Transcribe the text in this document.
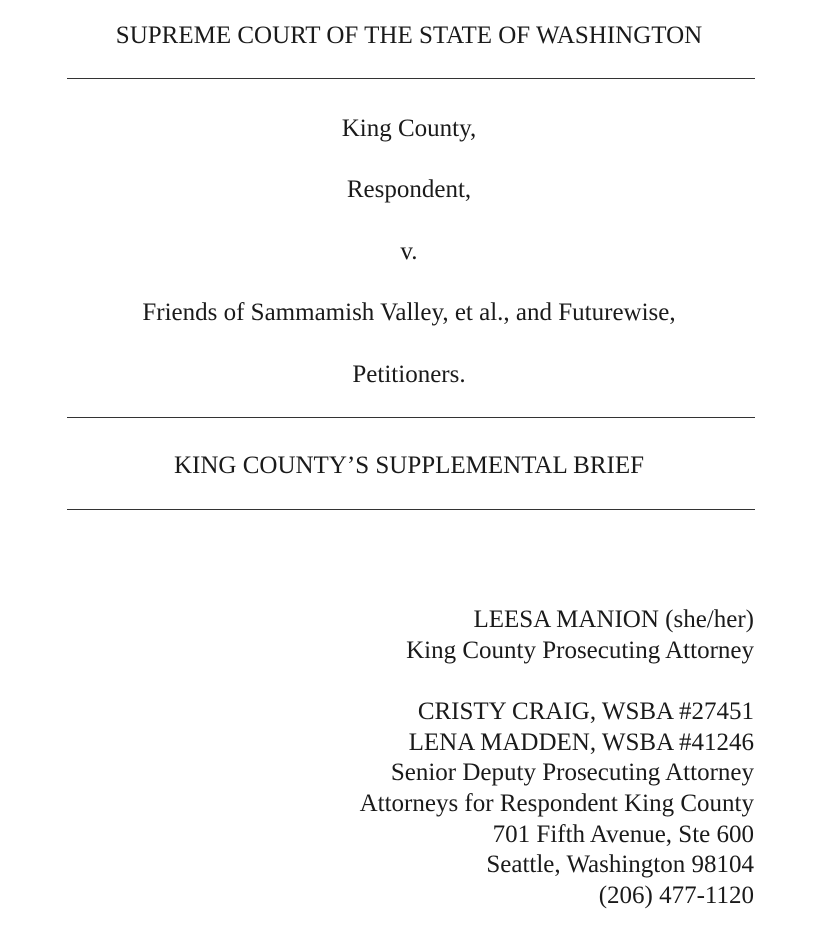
SUPREME COURT OF THE STATE OF WASHINGTON
King County,
Respondent,
v.
Friends of Sammamish Valley, et al., and Futurewise,
Petitioners.
KING COUNTY’S SUPPLEMENTAL BRIEF
LEESA MANION (she/her)
King County Prosecuting Attorney
CRISTY CRAIG, WSBA #27451
LENA MADDEN, WSBA #41246
Senior Deputy Prosecuting Attorney
Attorneys for Respondent King County
701 Fifth Avenue, Ste 600
Seattle, Washington 98104
(206) 477-1120
